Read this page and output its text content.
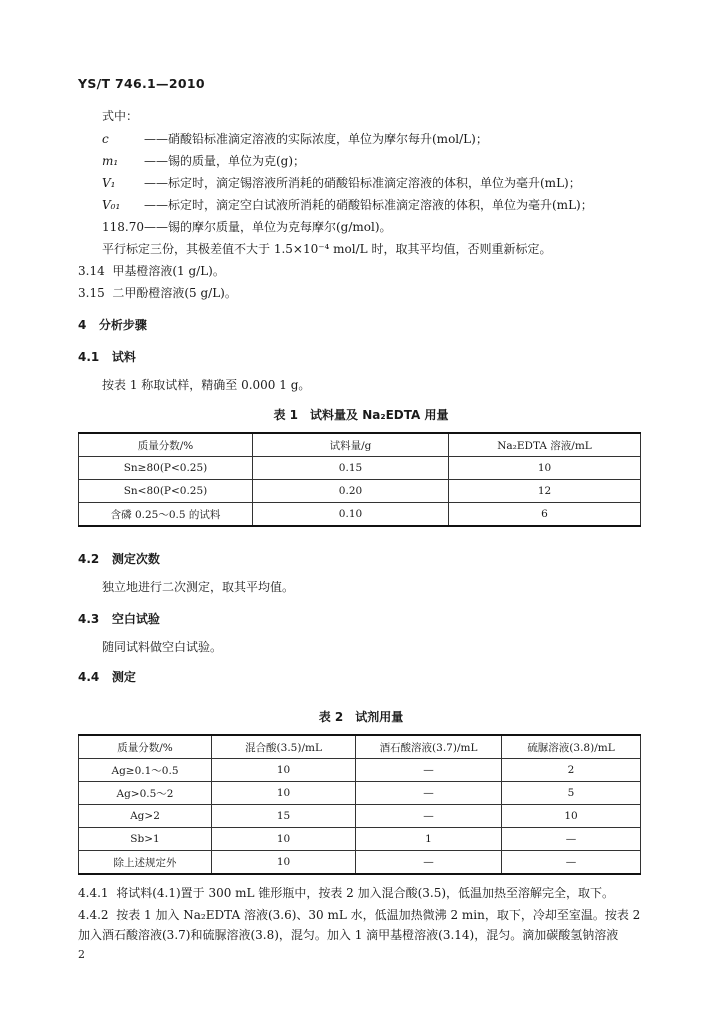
YS/T 746.1—2010
式中：
c	——硝酸铅标准滴定溶液的实际浓度，单位为摩尔每升(mol/L)；
m₁ ——锡的质量，单位为克(g)；
V₁ ——标定时，滴定锡溶液所消耗的硝酸铅标准滴定溶液的体积，单位为毫升(mL)；
V₀₁ ——标定时，滴定空白试液所消耗的硝酸铅标准滴定溶液的体积，单位为毫升(mL)；
118.70——锡的摩尔质量，单位为克每摩尔(g/mol)。
平行标定三份，其极差值不大于 1.5×10⁻⁴ mol/L 时，取其平均值，否则重新标定。
3.14 甲基橙溶液(1 g/L)。
3.15 二甲酚橙溶液(5 g/L)。
4 分析步骤
4.1 试料
按表 1 称取试样，精确至 0.000 1 g。
表 1　试料量及 Na₂EDTA 用量
质量分数/%	试料量/g	Na₂EDTA 溶液/mL
Sn≥80(P<0.25)	0.15	10
Sn<80(P<0.25)	0.20	12
含磷 0.25～0.5 的试料	0.10	6
4.2 测定次数
独立地进行二次测定，取其平均值。
4.3 空白试验
随同试料做空白试验。
4.4 测定
表 2　试剂用量
质量分数/%	混合酸(3.5)/mL	酒石酸溶液(3.7)/mL	硫脲溶液(3.8)/mL
Ag≥0.1～0.5	10	—	2
Ag>0.5～2	10	—	5
Ag>2	15	—	10
Sb>1	10	1	—
除上述规定外	10	—	—
4.4.1 将试料(4.1)置于 300 mL 锥形瓶中，按表 2 加入混合酸(3.5)，低温加热至溶解完全，取下。
4.4.2 按表 1 加入 Na₂EDTA 溶液(3.6)、30 mL 水，低温加热微沸 2 min，取下，冷却至室温。按表 2
加入酒石酸溶液(3.7)和硫脲溶液(3.8)，混匀。加入 1 滴甲基橙溶液(3.14)，混匀。滴加碳酸氢钠溶液
2
